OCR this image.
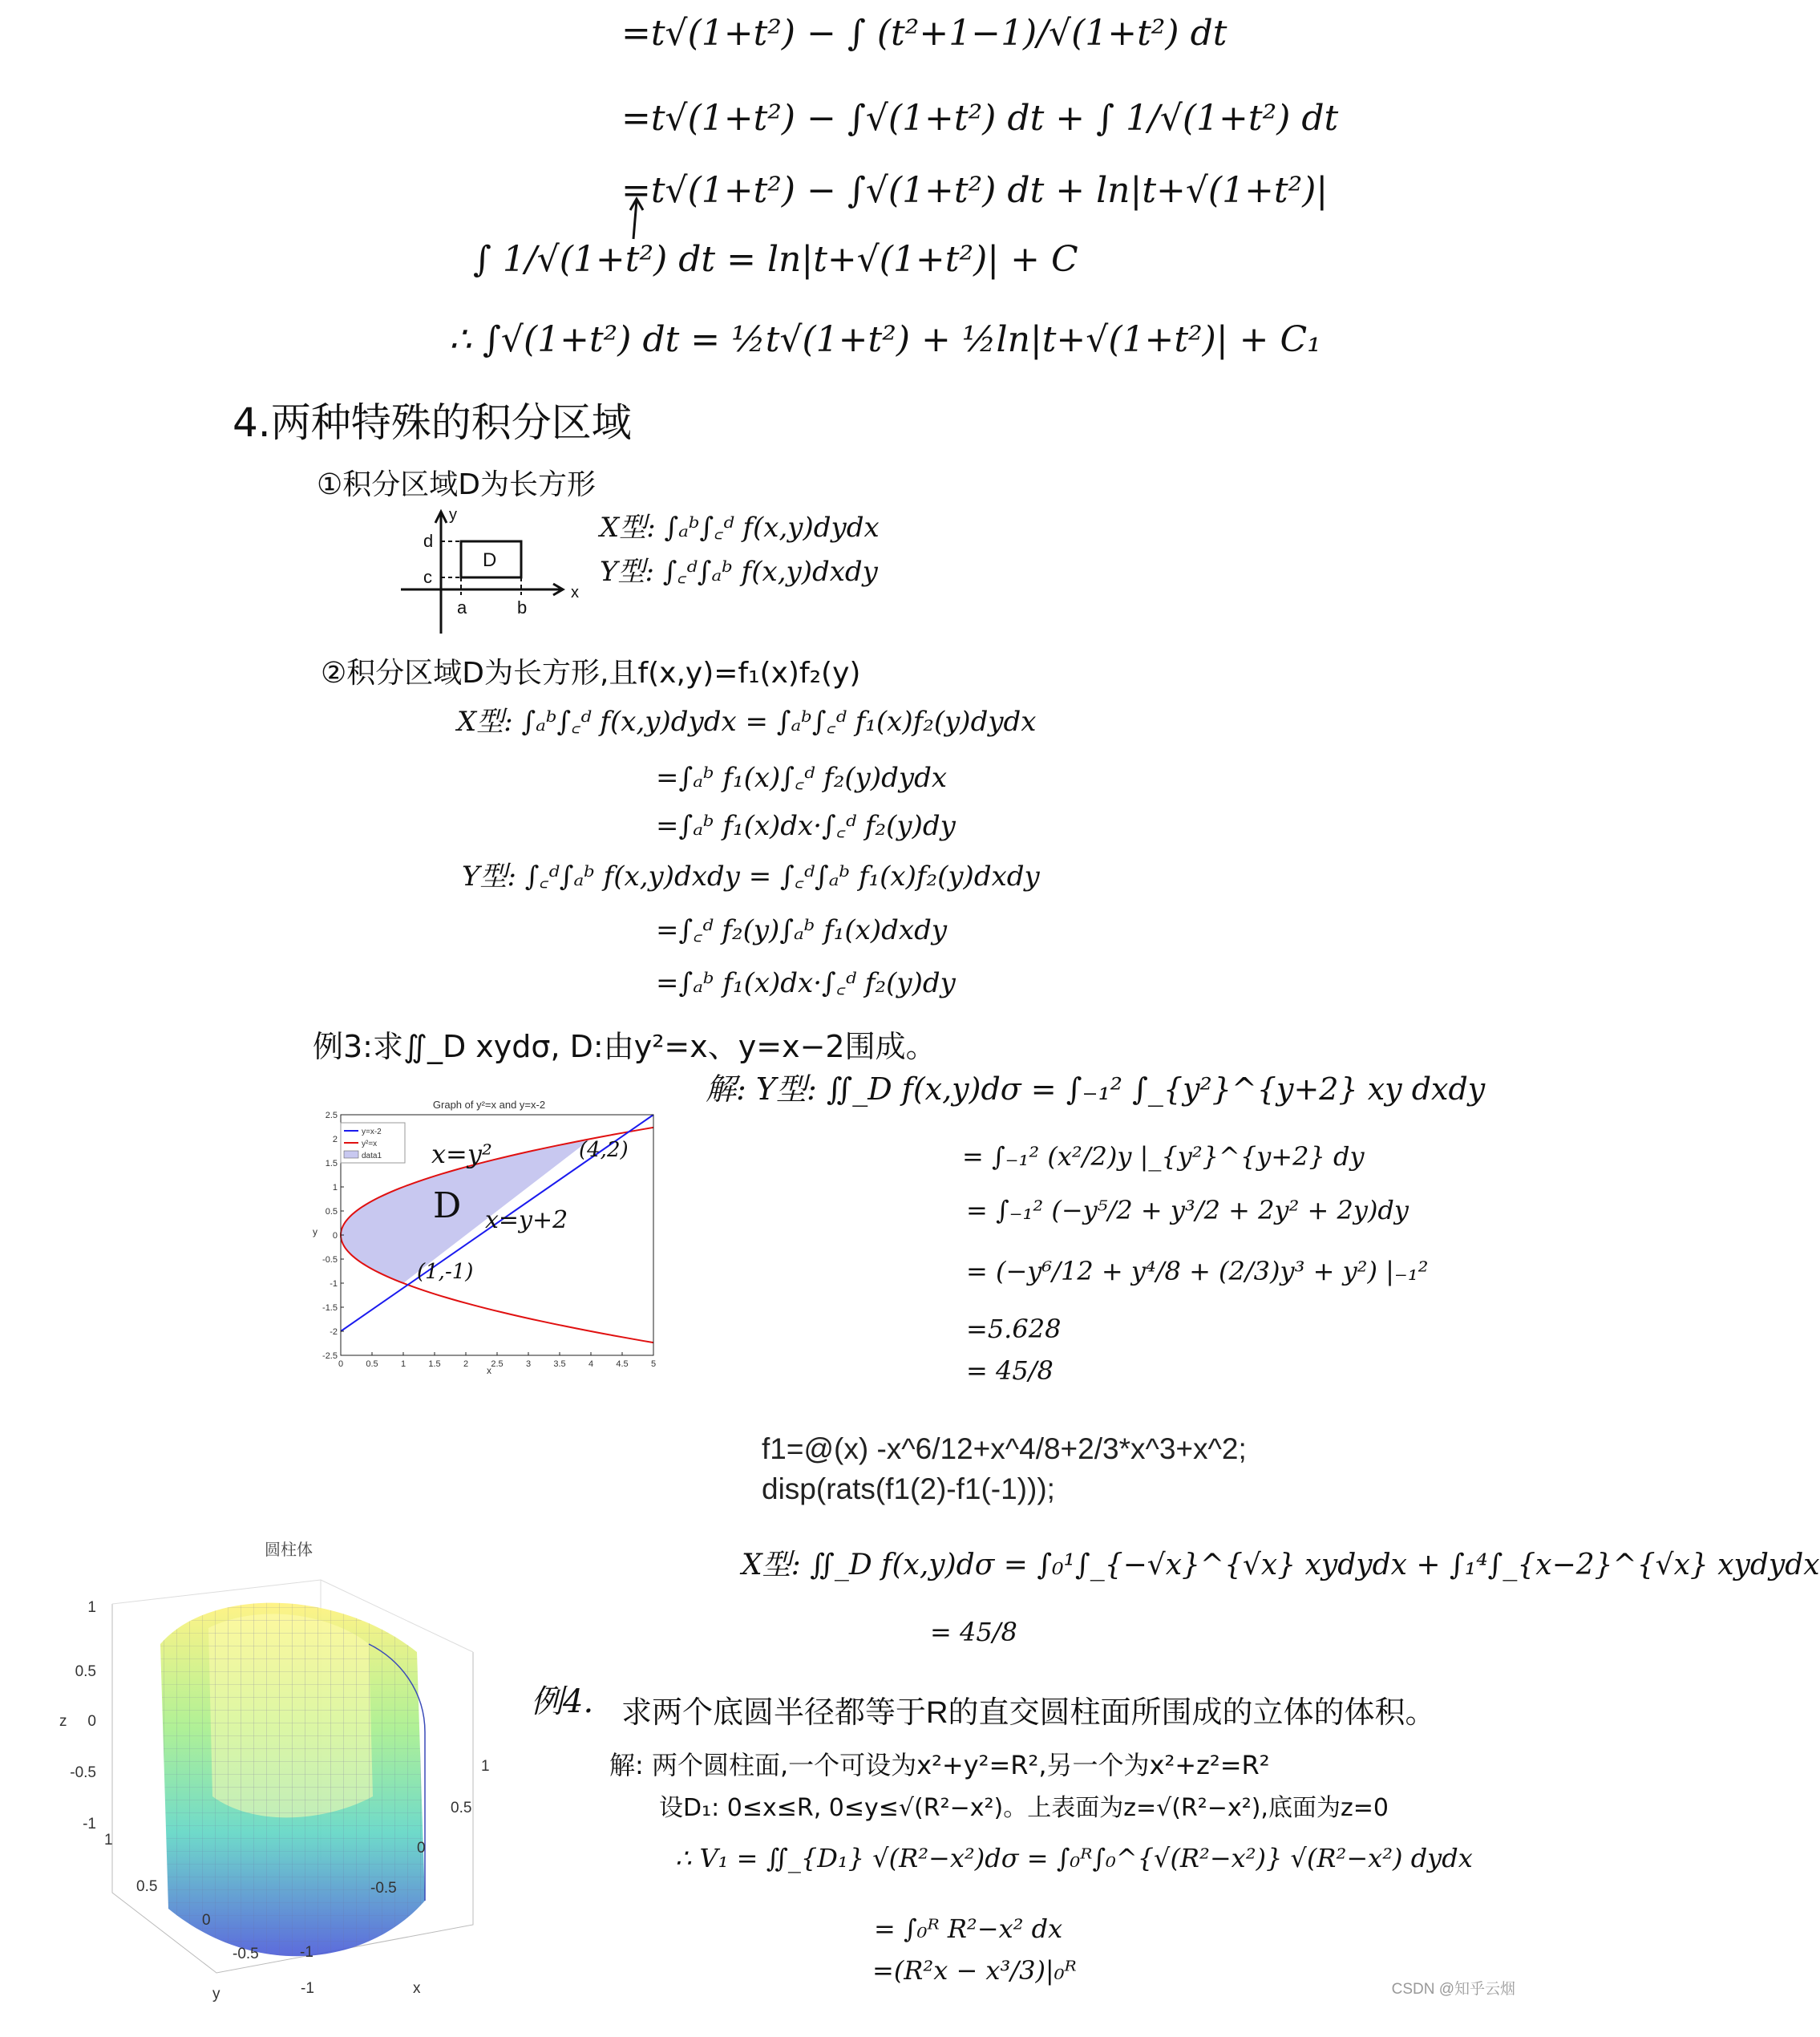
=t√(1+t²) − ∫ (t²+1−1)/√(1+t²) dt
=t√(1+t²) − ∫√(1+t²) dt + ∫ 1/√(1+t²) dt
=t√(1+t²) − ∫√(1+t²) dt + ln|t+√(1+t²)|
∫ 1/√(1+t²) dt = ln|t+√(1+t²)| + C
∴ ∫√(1+t²) dt = ½t√(1+t²) + ½ln|t+√(1+t²)| + C₁
4.两种特殊的积分区域
①积分区域D为长方形
D
d
c
a	b
x
y	X型: ∫ₐᵇ∫꜀ᵈ f(x,y)dydx
Y型: ∫꜀ᵈ∫ₐᵇ f(x,y)dxdy
②积分区域D为长方形,且f(x,y)=f₁(x)f₂(y)
X型: ∫ₐᵇ∫꜀ᵈ f(x,y)dydx = ∫ₐᵇ∫꜀ᵈ f₁(x)f₂(y)dydx
=∫ₐᵇ f₁(x)∫꜀ᵈ f₂(y)dydx
=∫ₐᵇ f₁(x)dx·∫꜀ᵈ f₂(y)dy
Y型: ∫꜀ᵈ∫ₐᵇ f(x,y)dxdy = ∫꜀ᵈ∫ₐᵇ f₁(x)f₂(y)dxdy
=∫꜀ᵈ f₂(y)∫ₐᵇ f₁(x)dxdy
=∫ₐᵇ f₁(x)dx·∫꜀ᵈ f₂(y)dy
例3:求∬_D xydσ, D:由y²=x、y=x−2围成。
Graph of y²=x and y=x-2
0	0.5	1	1.5	2	2.5	3	3.5	4	4.5	5
-2.5
-2
-1.5
-1
-0.5
0
0.5
1
1.5
2
2.5
x
y
y=x-2
y²=x
data1 x=y²
D x=y+2
(4,2)
(1,-1)
解: Y型: ∬_D f(x,y)dσ = ∫₋₁² ∫_{y²}^{y+2} xy dxdy
= ∫₋₁² (x²/2)y |_{y²}^{y+2} dy
= ∫₋₁² (−y⁵/2 + y³/2 + 2y² + 2y)dy
= (−y⁶/12 + y⁴/8 + (2/3)y³ + y²) |₋₁²
=5.628
= 45/8
f1=@(x) -x^6/12+x^4/8+2/3*x^3+x^2;
disp(rats(f1(2)-f1(-1)));
X型: ∬_D f(x,y)dσ = ∫₀¹∫_{−√x}^{√x} xydydx + ∫₁⁴∫_{x−2}^{√x} xydydx
= 45/8
圆柱体
1
0.5
0
-0.5
-1
z
1
0.5
0
-0.5
-1
y
1
0.5
0
-0.5
-1
x
例4. 求两个底圆半径都等于R的直交圆柱面所围成的立体的体积。
解: 两个圆柱面,一个可设为x²+y²=R²,另一个为x²+z²=R²
设D₁: 0≤x≤R, 0≤y≤√(R²−x²)。上表面为z=√(R²−x²),底面为z=0
∴ V₁ = ∬_{D₁} √(R²−x²)dσ = ∫₀ᴿ∫₀^{√(R²−x²)} √(R²−x²) dydx
= ∫₀ᴿ R²−x² dx
=(R²x − x³/3)|₀ᴿ
CSDN @知乎云烟
